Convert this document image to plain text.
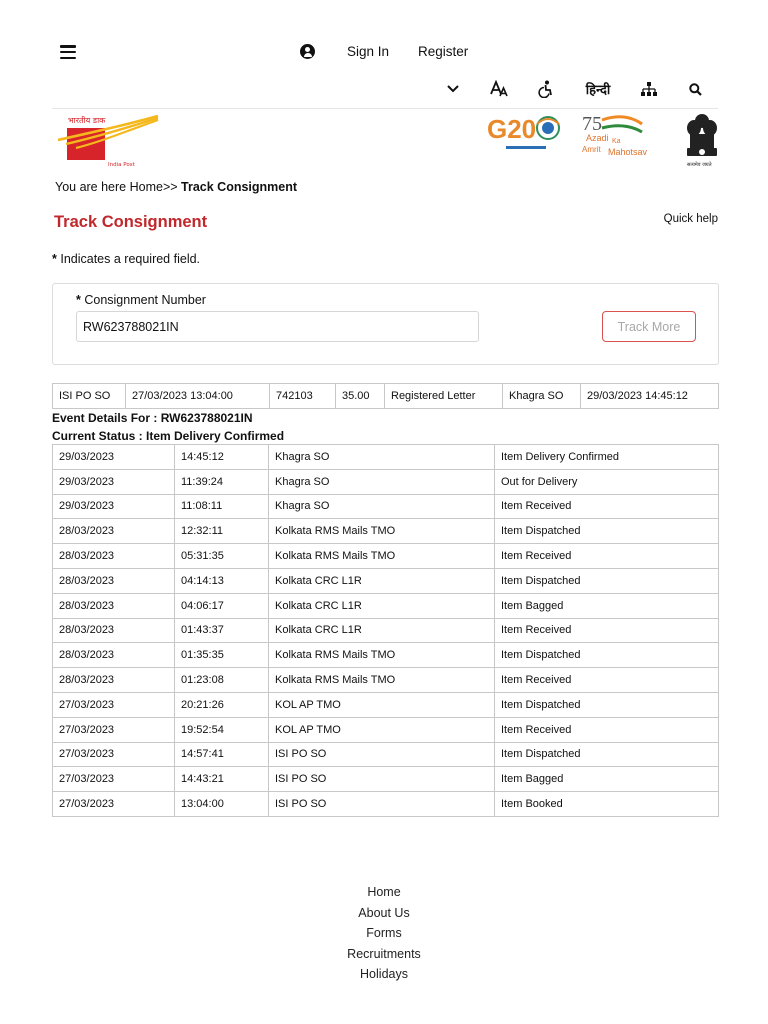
Sign In Register
हिन्दी
भारतीय डाक
India Post
G20 75
Azadi Ka
Amrit Mahotsav
सत्यमेव जयते
You are here Home>> Track Consignment
Track Consignment	Quick help
* Indicates a required field.
* Consignment Number
RW623788021IN
Track More
ISI PO SO	27/03/2023 13:04:00	742103	35.00	Registered Letter	Khagra SO	29/03/2023 14:45:12
Event Details For : RW623788021IN
Current Status : Item Delivery Confirmed
29/03/2023	14:45:12	Khagra SO	Item Delivery Confirmed
29/03/2023	11:39:24	Khagra SO	Out for Delivery
29/03/2023	11:08:11	Khagra SO	Item Received
28/03/2023	12:32:11	Kolkata RMS Mails TMO	Item Dispatched
28/03/2023	05:31:35	Kolkata RMS Mails TMO	Item Received
28/03/2023	04:14:13	Kolkata CRC L1R	Item Dispatched
28/03/2023	04:06:17	Kolkata CRC L1R	Item Bagged
28/03/2023	01:43:37	Kolkata CRC L1R	Item Received
28/03/2023	01:35:35	Kolkata RMS Mails TMO	Item Dispatched
28/03/2023	01:23:08	Kolkata RMS Mails TMO	Item Received
27/03/2023	20:21:26	KOL AP TMO	Item Dispatched
27/03/2023	19:52:54	KOL AP TMO	Item Received
27/03/2023	14:57:41	ISI PO SO	Item Dispatched
27/03/2023	14:43:21	ISI PO SO	Item Bagged
27/03/2023	13:04:00	ISI PO SO	Item Booked
Home
About Us
Forms
Recruitments
Holidays
